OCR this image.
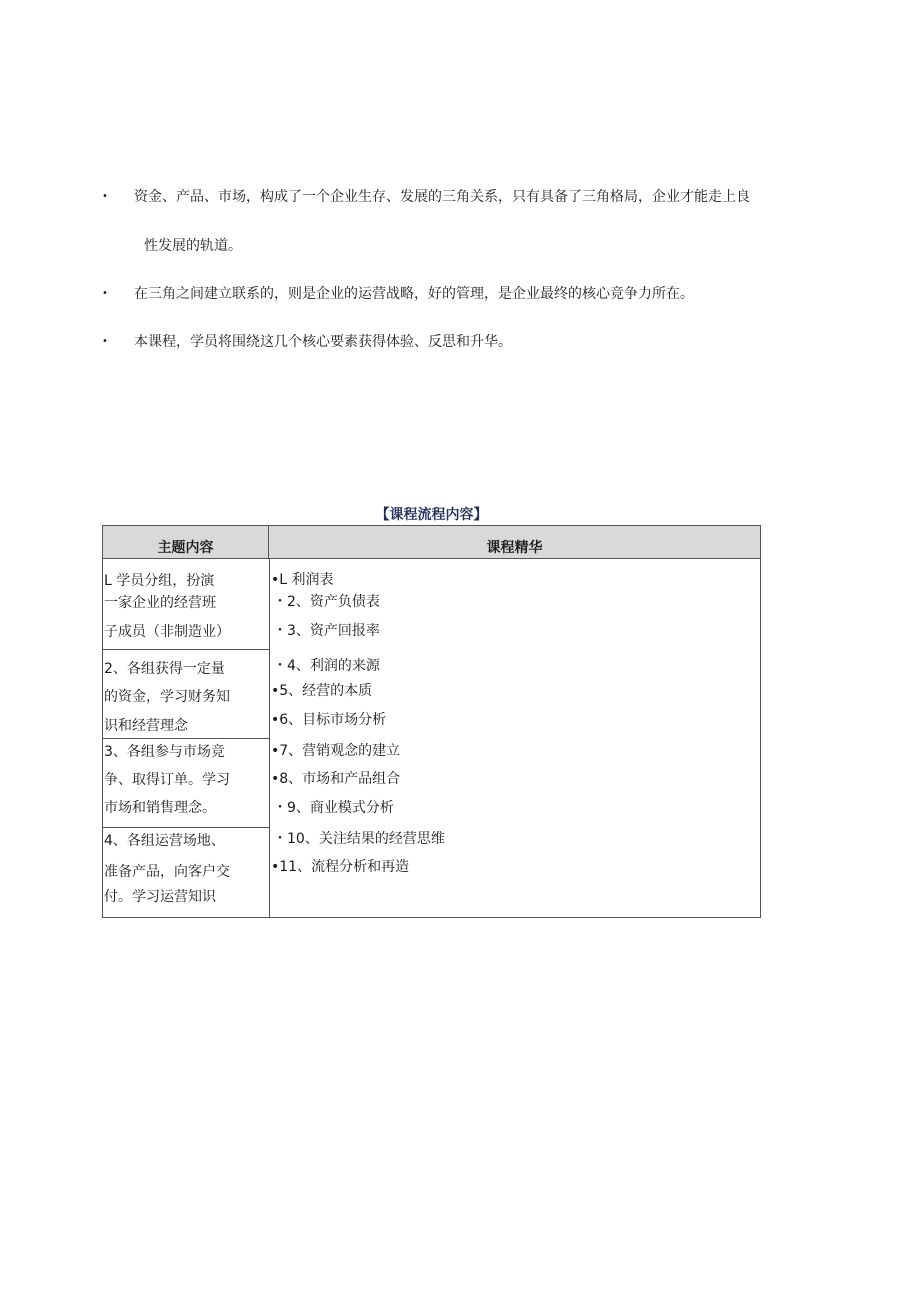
• 资金、产品、市场，构成了一个企业生存、发展的三角关系，只有具备了三角格局，企业才能走上良
性发展的轨道。
• 在三角之间建立联系的，则是企业的运营战略，好的管理，是企业最终的核心竞争力所在。
• 本课程，学员将围绕这几个核心要素获得体验、反思和升华。
【课程流程内容】
主题内容	课程精华
L 学员分组，扮演
一家企业的经营班
子成员（非制造业）
2、各组获得一定量
的资金，学习财务知
识和经营理念
3、各组参与市场竞
争、取得订单。学习
市场和销售理念。
4、各组运营场地、
准备产品，向客户交
付。学习运营知识
•L 利润表
・2、资产负债表
・3、资产回报率
・4、利润的来源
•5、经营的本质
•6、目标市场分析
•7、营销观念的建立
•8、市场和产品组合
・9、商业模式分析
・10、关注结果的经营思维
•11、流程分析和再造
